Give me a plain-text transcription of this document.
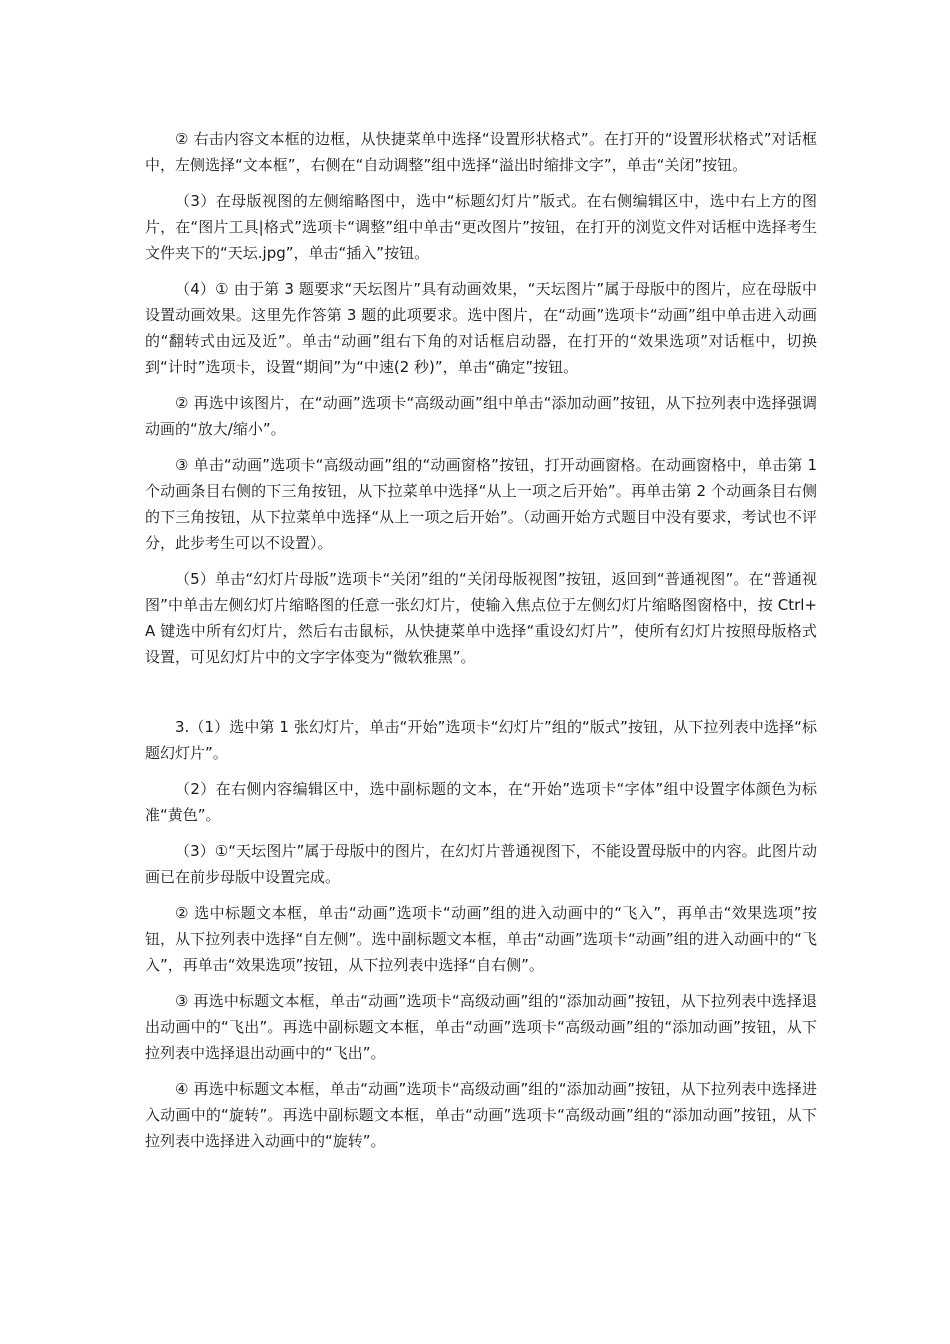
② 右击内容文本框的边框，从快捷菜单中选择“设置形状格式”。在打开的“设置形状格式”对话框中，左侧选择“文本框”，右侧在“自动调整”组中选择“溢出时缩排文字”，单击“关闭”按钮。

（3）在母版视图的左侧缩略图中，选中“标题幻灯片”版式。在右侧编辑区中，选中右上方的图片，在“图片工具|格式”选项卡“调整”组中单击“更改图片”按钮，在打开的浏览文件对话框中选择考生文件夹下的“天坛.jpg”，单击“插入”按钮。

（4）① 由于第 3 题要求“天坛图片”具有动画效果，“天坛图片”属于母版中的图片，应在母版中设置动画效果。这里先作答第 3 题的此项要求。选中图片，在“动画”选项卡“动画”组中单击进入动画的“翻转式由远及近”。单击“动画”组右下角的对话框启动器，在打开的“效果选项”对话框中，切换到“计时”选项卡，设置“期间”为“中速(2 秒)”，单击“确定”按钮。

② 再选中该图片，在“动画”选项卡“高级动画”组中单击“添加动画”按钮，从下拉列表中选择强调动画的“放大/缩小”。

③ 单击“动画”选项卡“高级动画”组的“动画窗格”按钮，打开动画窗格。在动画窗格中，单击第 1 个动画条目右侧的下三角按钮，从下拉菜单中选择“从上一项之后开始”。再单击第 2 个动画条目右侧的下三角按钮，从下拉菜单中选择“从上一项之后开始”。（动画开始方式题目中没有要求，考试也不评分，此步考生可以不设置）。

（5）单击“幻灯片母版”选项卡“关闭”组的“关闭母版视图”按钮，返回到“普通视图”。在“普通视图”中单击左侧幻灯片缩略图的任意一张幻灯片，使输入焦点位于左侧幻灯片缩略图窗格中，按 Ctrl+A 键选中所有幻灯片，然后右击鼠标，从快捷菜单中选择“重设幻灯片”，使所有幻灯片按照母版格式设置，可见幻灯片中的文字字体变为“微软雅黑”。

3.（1）选中第 1 张幻灯片，单击“开始”选项卡“幻灯片”组的“版式”按钮，从下拉列表中选择“标题幻灯片”。

（2）在右侧内容编辑区中，选中副标题的文本，在“开始”选项卡“字体”组中设置字体颜色为标准“黄色”。

（3）①“天坛图片”属于母版中的图片，在幻灯片普通视图下，不能设置母版中的内容。此图片动画已在前步母版中设置完成。

② 选中标题文本框，单击“动画”选项卡“动画”组的进入动画中的“飞入”，再单击“效果选项”按钮，从下拉列表中选择“自左侧”。选中副标题文本框，单击“动画”选项卡“动画”组的进入动画中的“飞入”，再单击“效果选项”按钮，从下拉列表中选择“自右侧”。

③ 再选中标题文本框，单击“动画”选项卡“高级动画”组的“添加动画”按钮，从下拉列表中选择退出动画中的“飞出”。再选中副标题文本框，单击“动画”选项卡“高级动画”组的“添加动画”按钮，从下拉列表中选择退出动画中的“飞出”。

④ 再选中标题文本框，单击“动画”选项卡“高级动画”组的“添加动画”按钮，从下拉列表中选择进入动画中的“旋转”。再选中副标题文本框，单击“动画”选项卡“高级动画”组的“添加动画”按钮，从下拉列表中选择进入动画中的“旋转”。
